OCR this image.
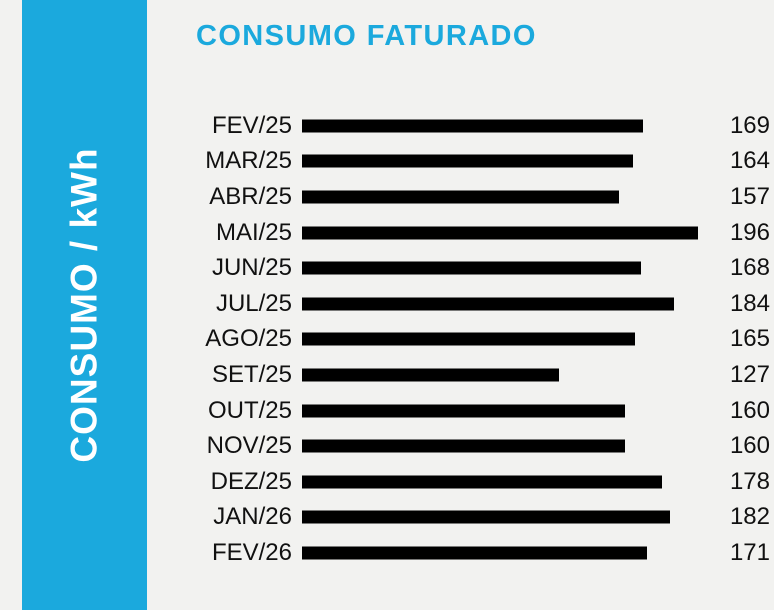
CONSUMO / kWh
CONSUMO FATURADO
FEV/25	169
MAR/25	164
ABR/25	157
MAI/25	196
JUN/25	168
JUL/25	184
AGO/25	165
SET/25	127
OUT/25	160
NOV/25	160
DEZ/25	178
JAN/26	182
FEV/26	171
